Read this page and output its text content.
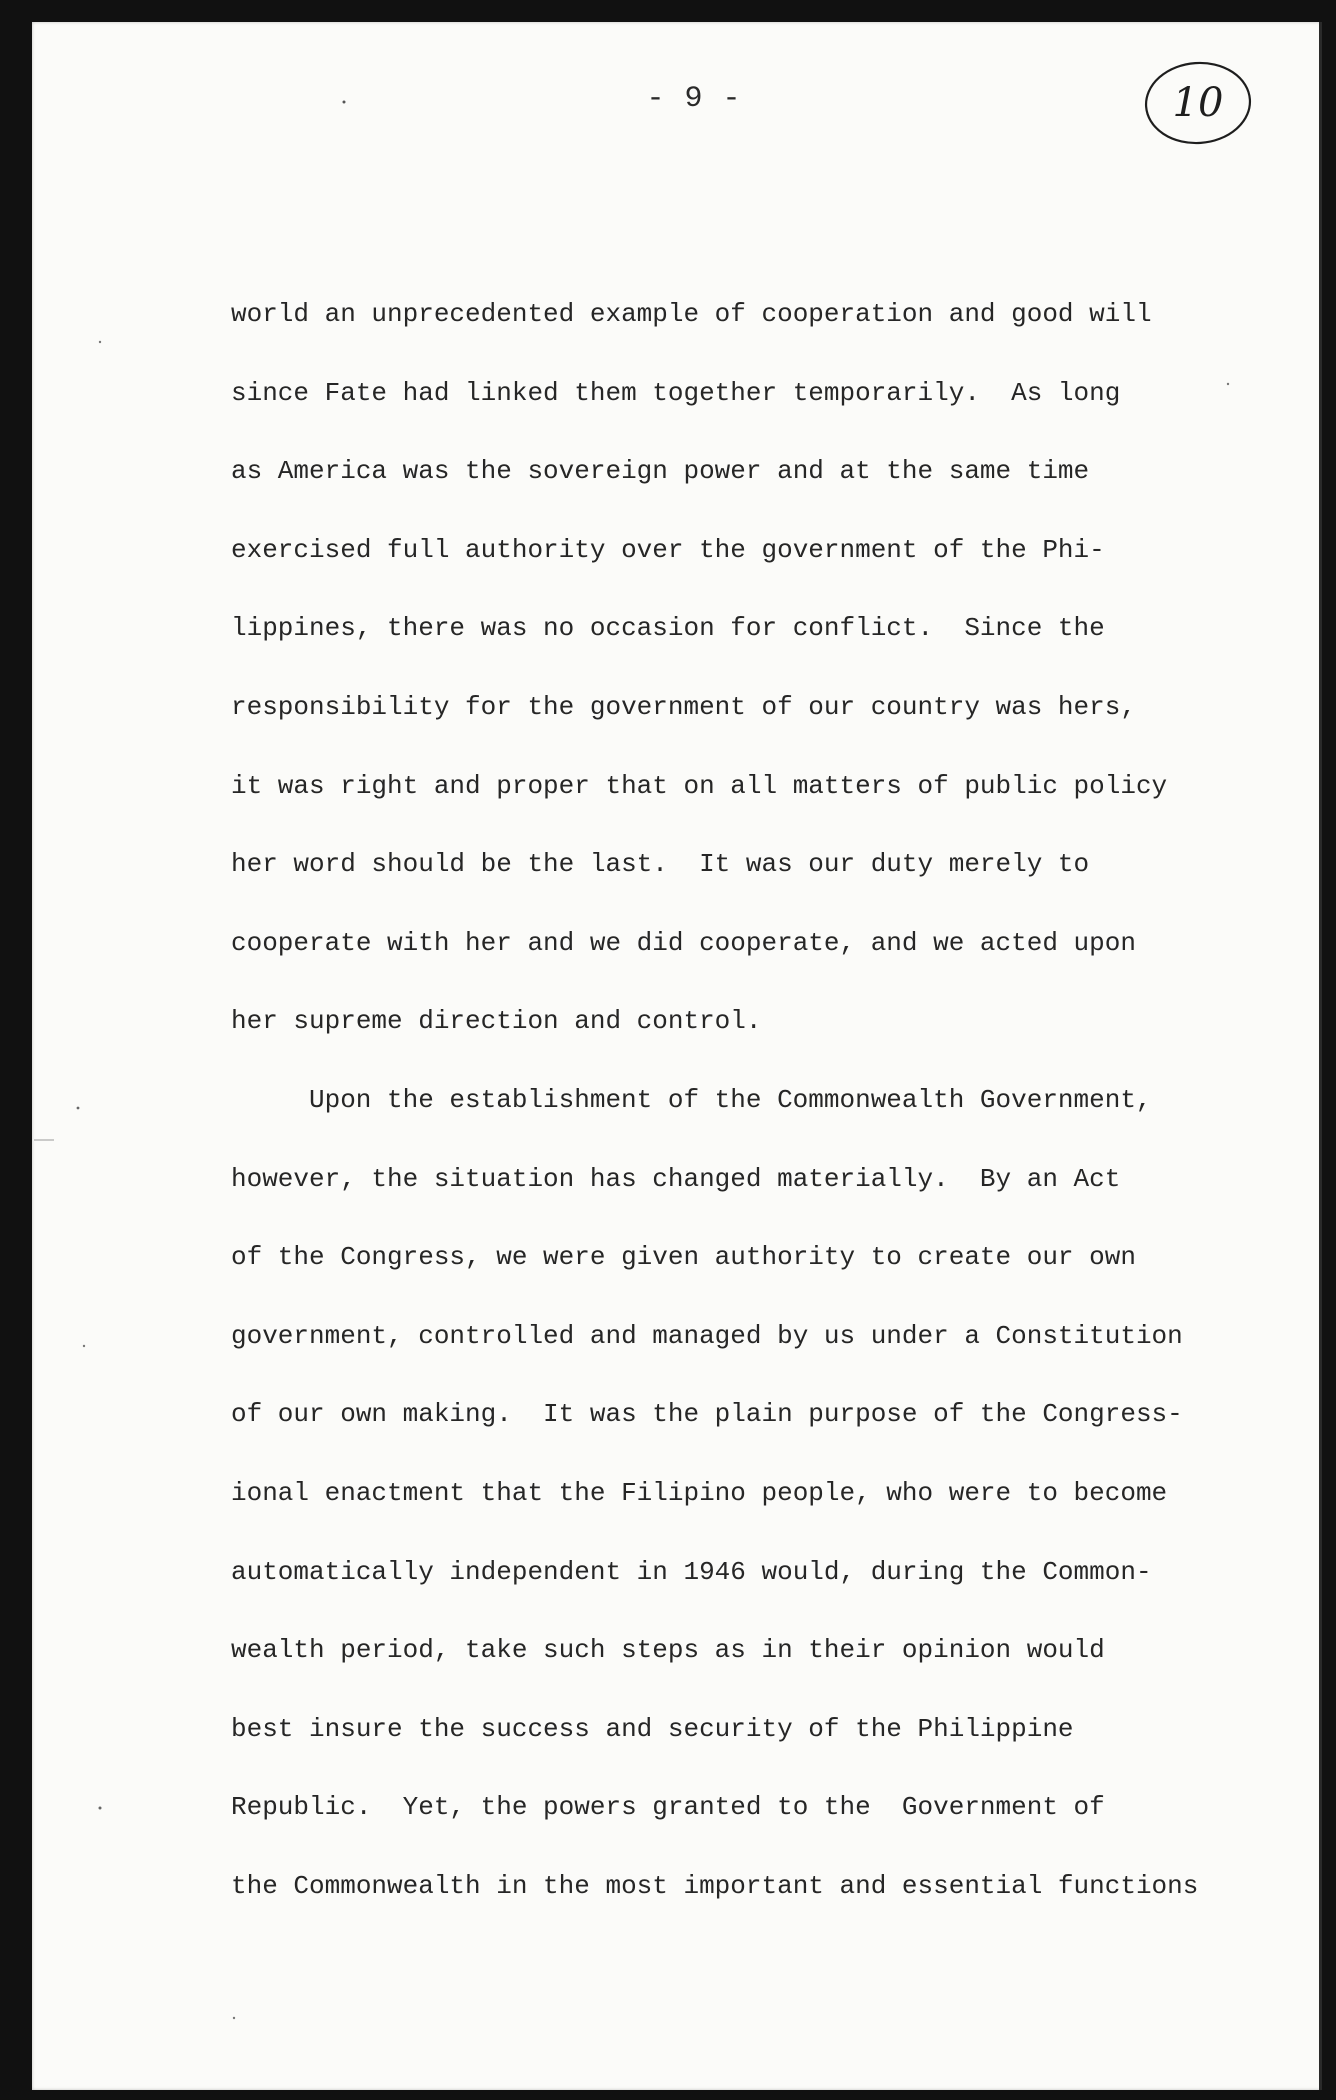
- 9 -	10
world an unprecedented example of cooperation and good will
since Fate had linked them together temporarily.  As long
as America was the sovereign power and at the same time
exercised full authority over the government of the Phi-
lippines, there was no occasion for conflict.  Since the
responsibility for the government of our country was hers,
it was right and proper that on all matters of public policy
her word should be the last.  It was our duty merely to
cooperate with her and we did cooperate, and we acted upon
her supreme direction and control.
Upon the establishment of the Commonwealth Government,
however, the situation has changed materially.  By an Act
of the Congress, we were given authority to create our own
government, controlled and managed by us under a Constitution
of our own making.  It was the plain purpose of the Congress-
ional enactment that the Filipino people, who were to become
automatically independent in 1946 would, during the Common-
wealth period, take such steps as in their opinion would
best insure the success and security of the Philippine
Republic.  Yet, the powers granted to the  Government of
the Commonwealth in the most important and essential functions
